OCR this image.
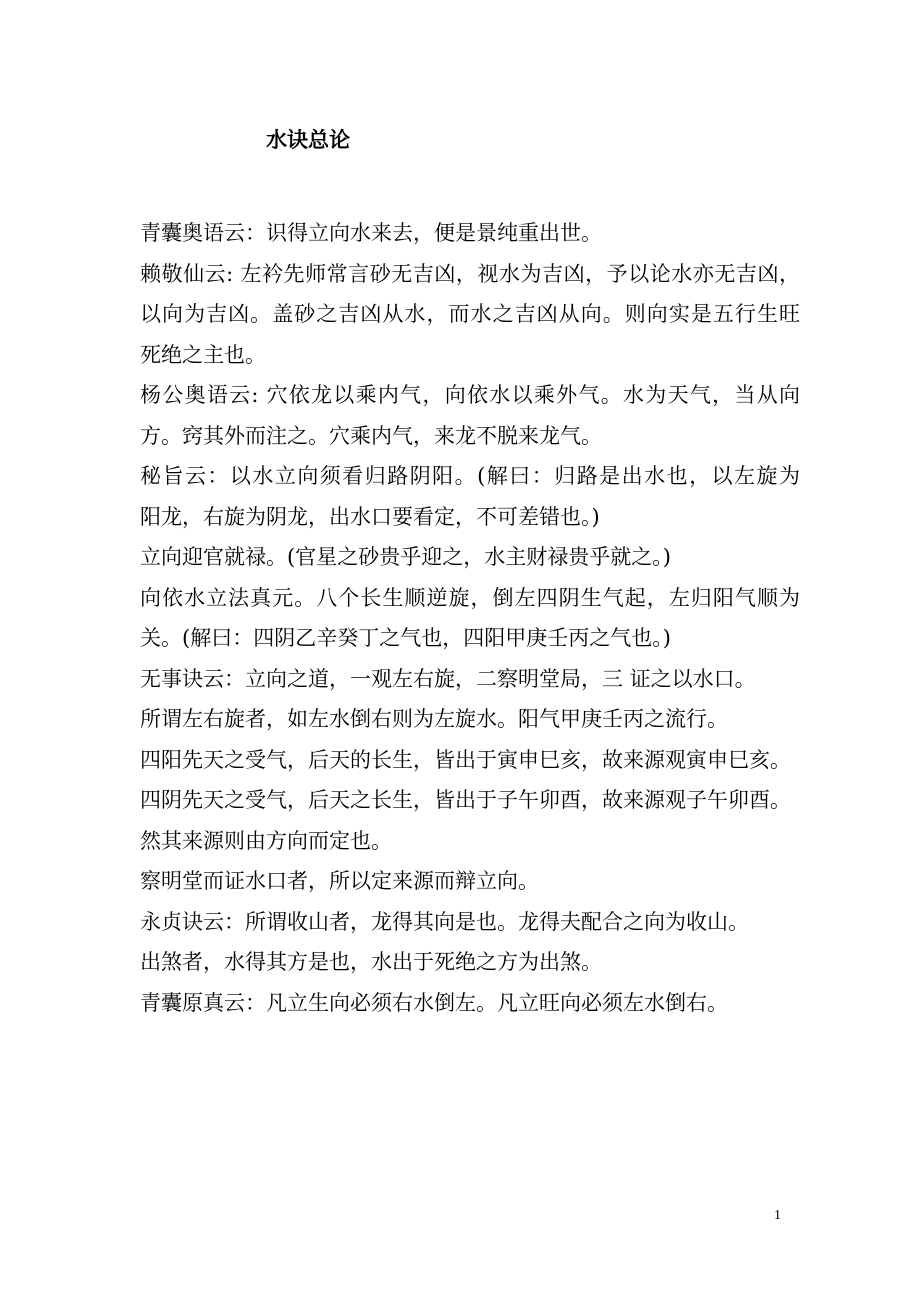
水诀总论
青囊奥语云：识得立向水来去，便是景纯重出世。
赖敬仙云: 左衿先师常言砂无吉凶，视水为吉凶，予以论水亦无吉凶，
以向为吉凶。盖砂之吉凶从水，而水之吉凶从向。则向实是五行生旺
死绝之主也。
杨公奥语云: 穴依龙以乘内气，向依水以乘外气。水为天气，当从向
方。窍其外而注之。穴乘内气，来龙不脱来龙气。
秘旨云：以水立向须看归路阴阳。(解曰：归路是出水也，以左旋为
阳龙，右旋为阴龙，出水口要看定，不可差错也。)
立向迎官就禄。(官星之砂贵乎迎之，水主财禄贵乎就之。)
向依水立法真元。八个长生顺逆旋，倒左四阴生气起，左归阳气顺为
关。(解曰：四阴乙辛癸丁之气也，四阳甲庚壬丙之气也。)
无事诀云：立向之道，一观左右旋，二察明堂局，三 证之以水口。
所谓左右旋者，如左水倒右则为左旋水。阳气甲庚壬丙之流行。
四阳先天之受气，后天的长生，皆出于寅申巳亥，故来源观寅申巳亥。
四阴先天之受气，后天之长生，皆出于子午卯酉，故来源观子午卯酉。
然其来源则由方向而定也。
察明堂而证水口者，所以定来源而辩立向。
永贞诀云：所谓收山者，龙得其向是也。龙得夫配合之向为收山。
出煞者，水得其方是也，水出于死绝之方为出煞。
青囊原真云：凡立生向必须右水倒左。凡立旺向必须左水倒右。
1
